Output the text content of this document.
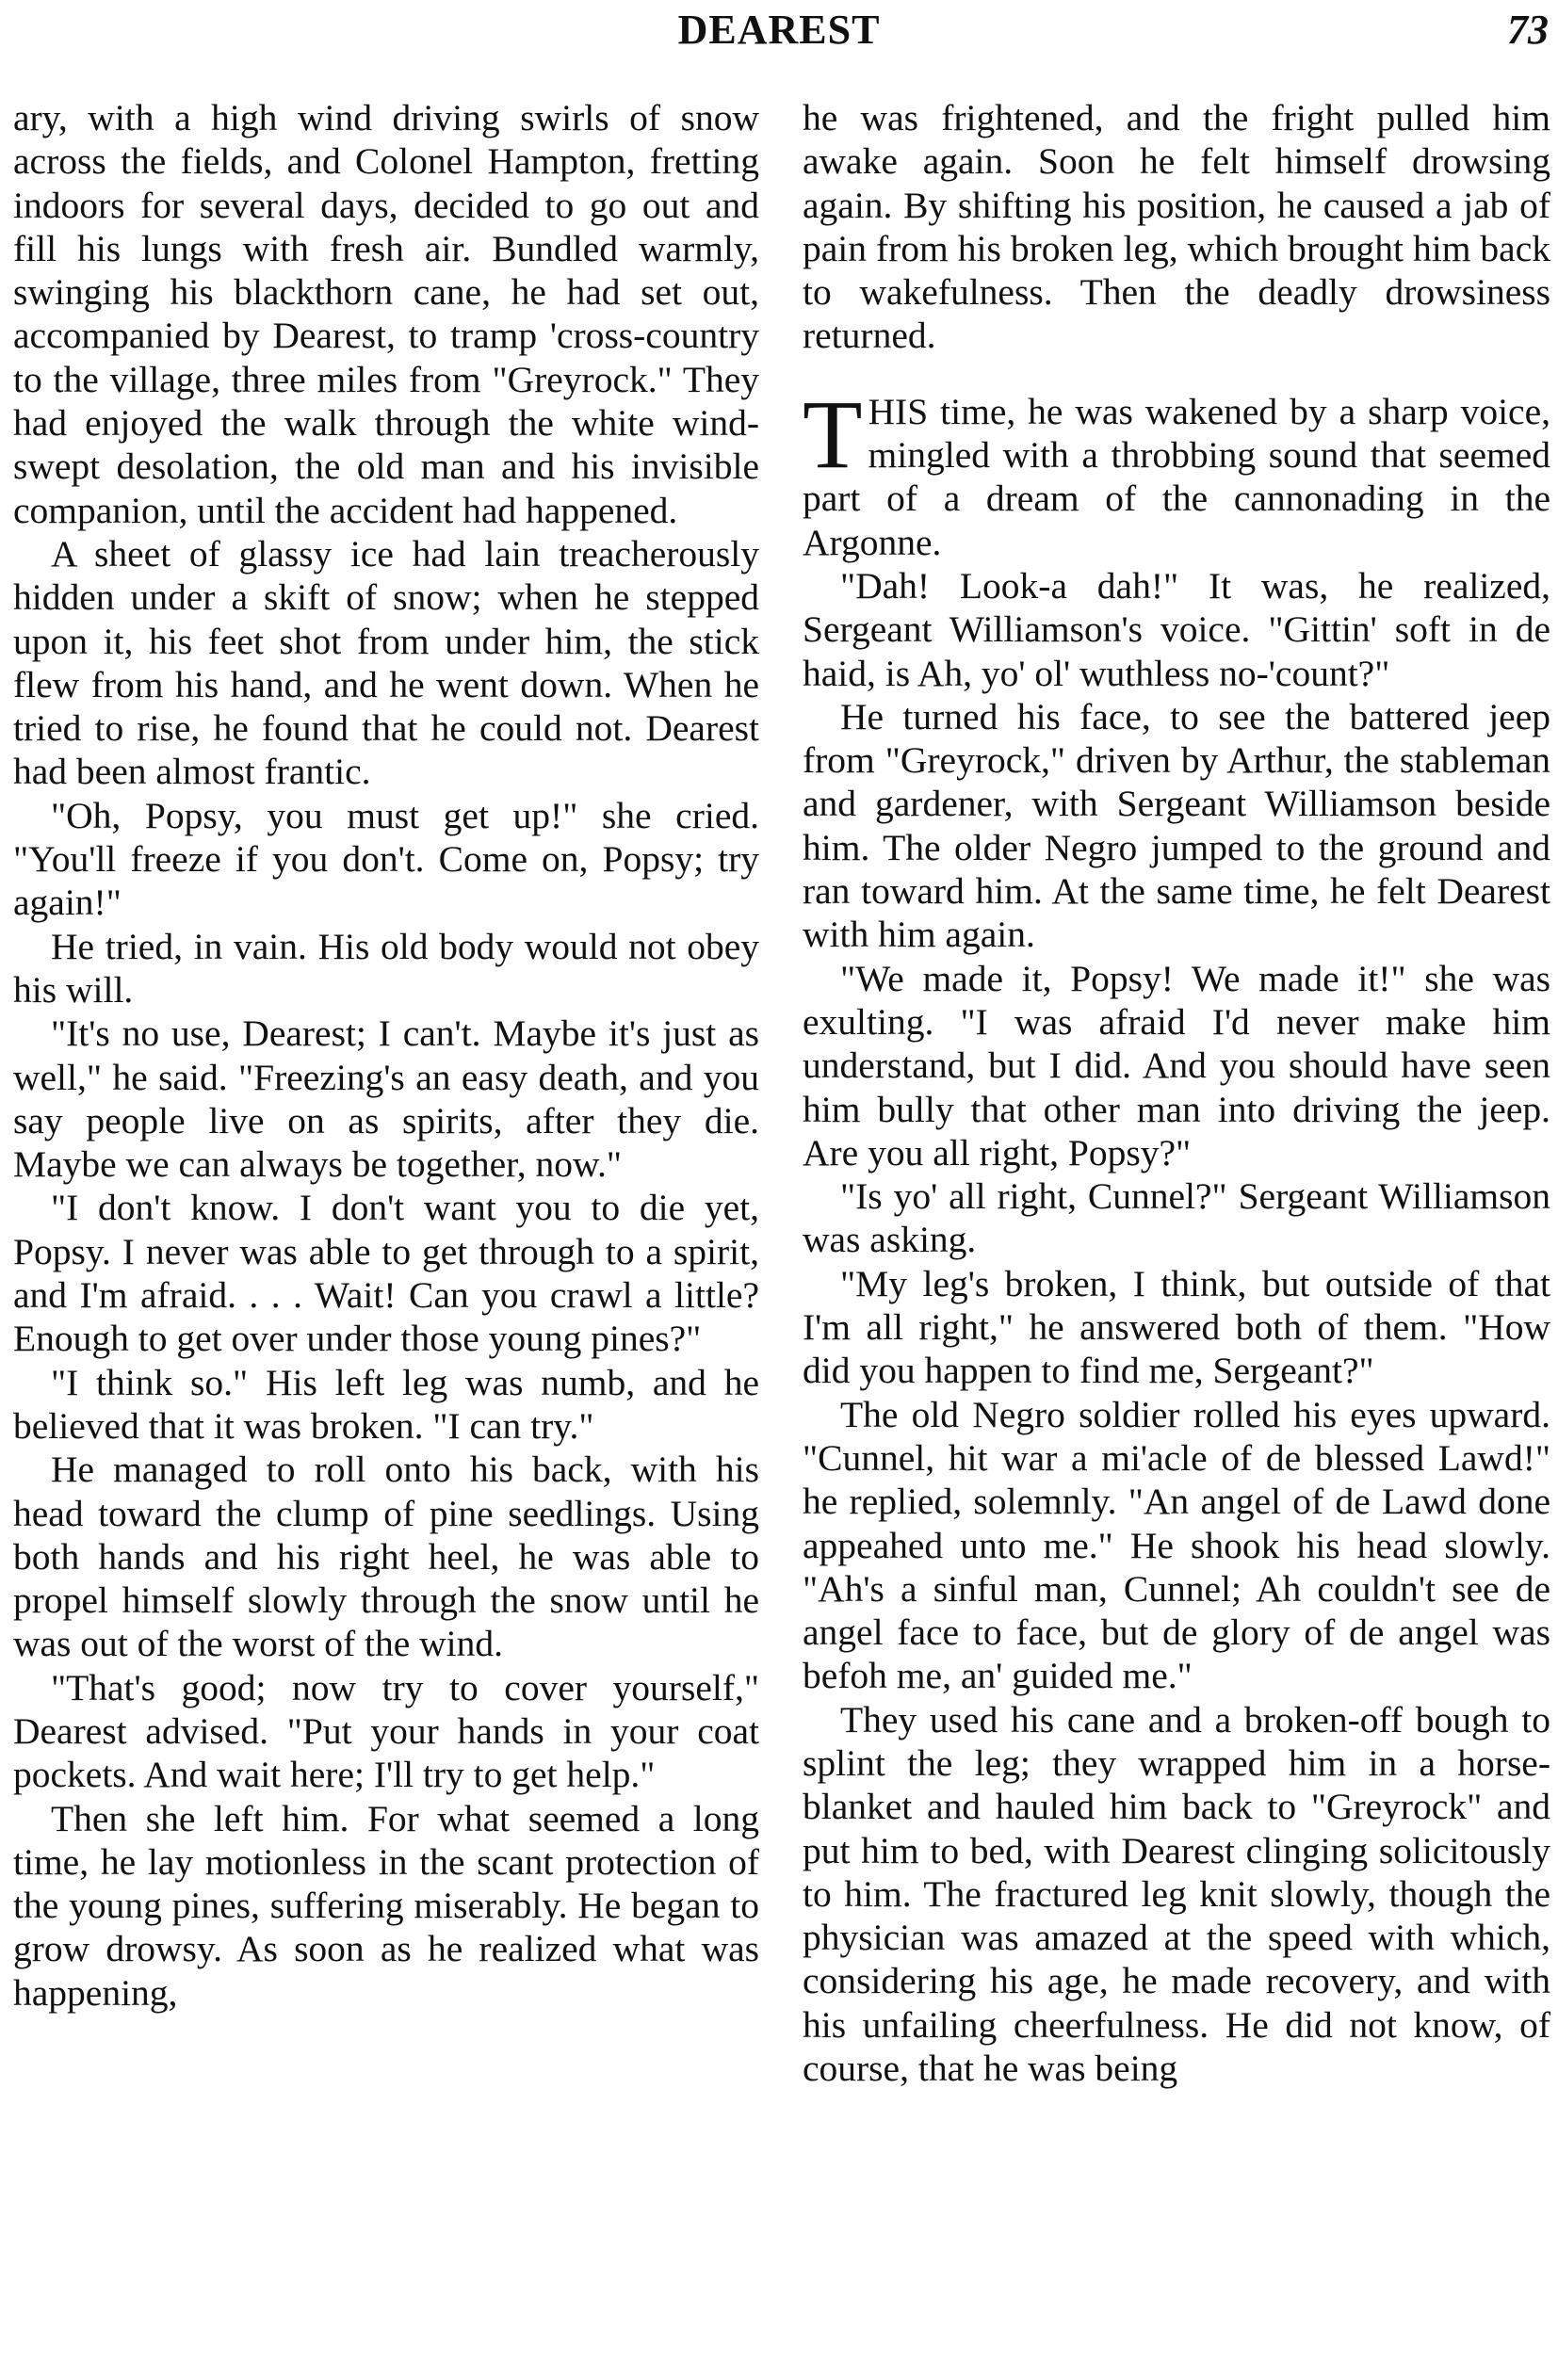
DEAREST	73

ary, with a high wind driving swirls of snow across the fields, and Colonel Hampton, fretting indoors for several days, decided to go out and fill his lungs with fresh air. Bundled warmly, swinging his blackthorn cane, he had set out, accompanied by Dearest, to tramp 'cross-country to the village, three miles from "Greyrock." They had enjoyed the walk through the white wind-swept desolation, the old man and his invisible companion, until the accident had happened.

A sheet of glassy ice had lain treacherously hidden under a skift of snow; when he stepped upon it, his feet shot from under him, the stick flew from his hand, and he went down. When he tried to rise, he found that he could not. Dearest had been almost frantic.

"Oh, Popsy, you must get up!" she cried. "You'll freeze if you don't. Come on, Popsy; try again!"

He tried, in vain. His old body would not obey his will.

"It's no use, Dearest; I can't. Maybe it's just as well," he said. "Freezing's an easy death, and you say people live on as spirits, after they die. Maybe we can always be together, now."

"I don't know. I don't want you to die yet, Popsy. I never was able to get through to a spirit, and I'm afraid. . . . Wait! Can you crawl a little? Enough to get over under those young pines?"

"I think so." His left leg was numb, and he believed that it was broken. "I can try."

He managed to roll onto his back, with his head toward the clump of pine seedlings. Using both hands and his right heel, he was able to propel himself slowly through the snow until he was out of the worst of the wind.

"That's good; now try to cover yourself," Dearest advised. "Put your hands in your coat pockets. And wait here; I'll try to get help."

Then she left him. For what seemed a long time, he lay motionless in the scant protection of the young pines, suffering miserably. He began to grow drowsy. As soon as he realized what was happening,

he was frightened, and the fright pulled him awake again. Soon he felt himself drowsing again. By shifting his position, he caused a jab of pain from his broken leg, which brought him back to wakefulness. Then the deadly drowsiness returned.

THIS time, he was wakened by a sharp voice, mingled with a throbbing sound that seemed part of a dream of the cannonading in the Argonne.

"Dah! Look-a dah!" It was, he realized, Sergeant Williamson's voice. "Gittin' soft in de haid, is Ah, yo' ol' wuthless no-'count?"

He turned his face, to see the battered jeep from "Greyrock," driven by Arthur, the stableman and gardener, with Sergeant Williamson beside him. The older Negro jumped to the ground and ran toward him. At the same time, he felt Dearest with him again.

"We made it, Popsy! We made it!" she was exulting. "I was afraid I'd never make him understand, but I did. And you should have seen him bully that other man into driving the jeep. Are you all right, Popsy?"

"Is yo' all right, Cunnel?" Sergeant Williamson was asking.

"My leg's broken, I think, but outside of that I'm all right," he answered both of them. "How did you happen to find me, Sergeant?"

The old Negro soldier rolled his eyes upward. "Cunnel, hit war a mi'acle of de blessed Lawd!" he replied, solemnly. "An angel of de Lawd done appeahed unto me." He shook his head slowly. "Ah's a sinful man, Cunnel; Ah couldn't see de angel face to face, but de glory of de angel was befoh me, an' guided me."

They used his cane and a broken-off bough to splint the leg; they wrapped him in a horse-blanket and hauled him back to "Greyrock" and put him to bed, with Dearest clinging solicitously to him. The fractured leg knit slowly, though the physician was amazed at the speed with which, considering his age, he made recovery, and with his unfailing cheerfulness. He did not know, of course, that he was being
